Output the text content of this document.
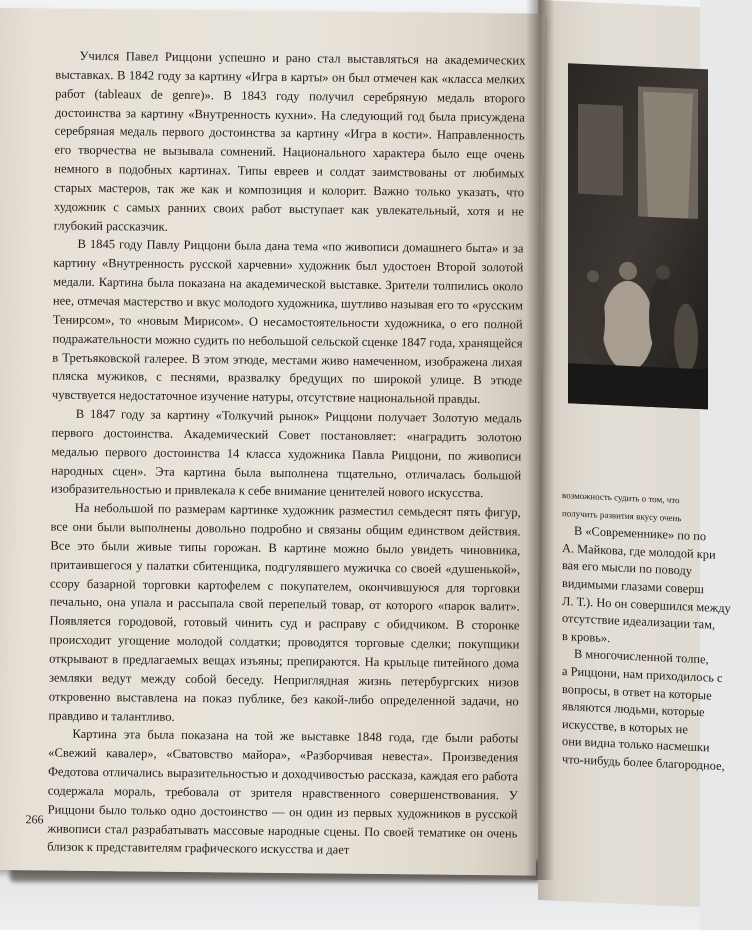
возможность судить о том, что
получить развития вкусу очень
В «Современнике» по по
А. Майкова, где молодой кри
вая его мысли по поводу
видимыми глазами соверш
Л. Т.). Но он совершился между
отсутствие идеализации там,
в кровь».
В многочисленной толпе,
а Риццони, нам приходилось с
вопросы, в ответ на которые
являются людьми, которые
искусстве, в которых не
они видна только насмешки
что-нибудь более благородное,

Учился Павел Риццони успешно и рано стал выставляться на академических выставках. В 1842 году за картину «Игра в карты» он был отмечен как «класса мелких работ (tableaux de genre)». В 1843 году получил серебряную медаль второго достоинства за картину «Внутренность кухни». На следующий год была присуждена серебряная медаль первого достоинства за картину «Игра в кости». Направленность его творчества не вызывала сомнений. Национального характера было еще очень немного в подобных картинах. Типы евреев и солдат заимствованы от любимых старых мастеров, так же как и композиция и колорит. Важно только указать, что художник с самых ранних своих работ выступает как увлекательный, хотя и не глубокий рассказчик.

В 1845 году Павлу Риццони была дана тема «по живописи домашнего быта» и за картину «Внутренность русской харчевни» художник был удостоен Второй золотой медали. Картина была показана на академической выставке. Зрители толпились около нее, отмечая мастерство и вкус молодого художника, шутливо называя его то «русским Тенирсом», то «новым Мирисом». О несамостоятельности художника, о его полной подражательности можно судить по небольшой сельской сценке 1847 года, хранящейся в Третьяковской галерее. В этом этюде, местами живо намеченном, изображена лихая пляска мужиков, с песнями, вразвалку бредущих по широкой улице. В этюде чувствуется недостаточное изучение натуры, отсутствие национальной правды.

В 1847 году за картину «Толкучий рынок» Риццони получает Золотую медаль первого достоинства. Академический Совет постановляет: «наградить золотою медалью первого достоинства 14 класса художника Павла Риццони, по живописи народных сцен». Эта картина была выполнена тщательно, отличалась большой изобразительностью и привлекала к себе внимание ценителей нового искусства.

На небольшой по размерам картинке художник разместил семьдесят пять фигур, все они были выполнены довольно подробно и связаны общим единством действия. Все это были живые типы горожан. В картине можно было увидеть чиновника, притаившегося у палатки сбитенщика, подгулявшего мужичка со своей «душенькой», ссору базарной торговки картофелем с покупателем, окончившуюся для торговки печально, она упала и рассыпала свой перепелый товар, от которого «парок валит». Появляется городовой, готовый чинить суд и расправу с обидчиком. В сторонке происходит угощение молодой солдатки; проводятся торговые сделки; покупщики открывают в предлагаемых вещах изъяны; препираются. На крыльце питейного дома земляки ведут между собой беседу. Неприглядная жизнь петербургских низов откровенно выставлена на показ публике, без какой-либо определенной задачи, но правдиво и талантливо.

Картина эта была показана на той же выставке 1848 года, где были работы «Свежий кавалер», «Сватовство майора», «Разборчивая невеста». Произведения Федотова отличались выразительностью и доходчивостью рассказа, каждая его работа содержала мораль, требовала от зрителя нравственного совершенствования. У Риццони было только одно достоинство — он один из первых художников в русской живописи стал разрабатывать массовые народные сцены. По своей тематике он очень близок к представителям графического искусства и дает

266
